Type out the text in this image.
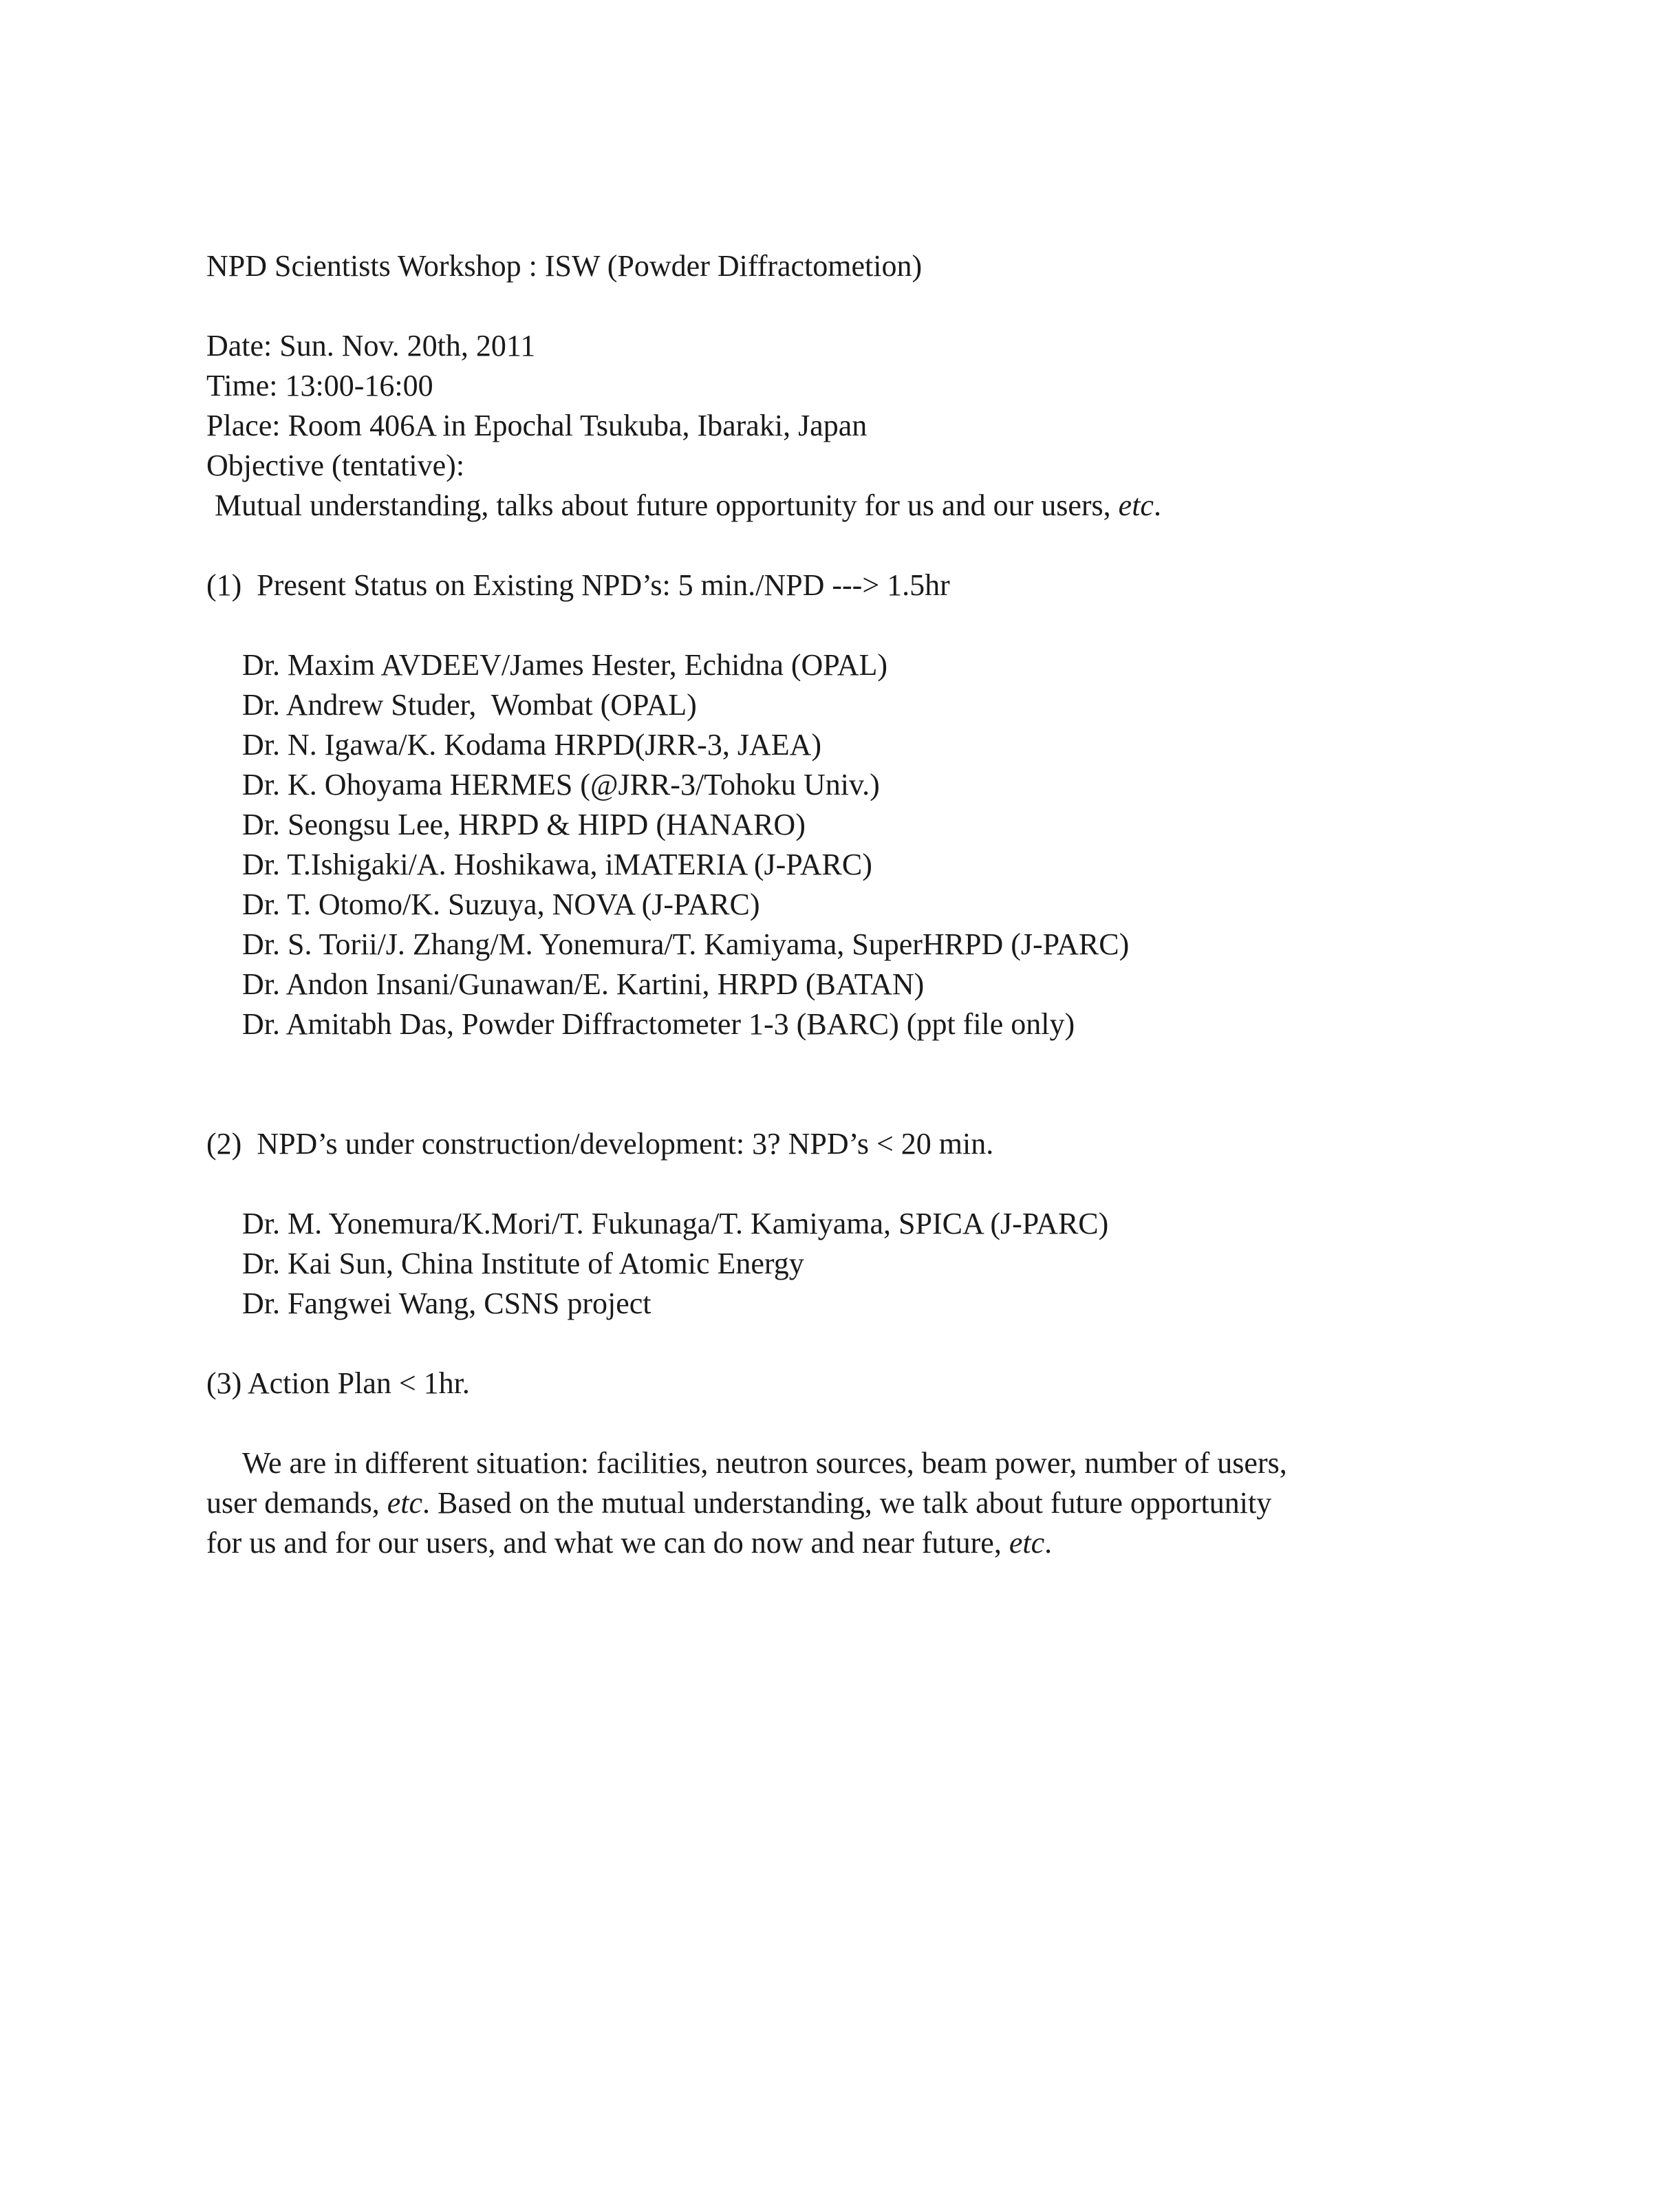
NPD Scientists Workshop : ISW (Powder Diffractometion)
Date: Sun. Nov. 20th, 2011
Time: 13:00-16:00
Place: Room 406A in Epochal Tsukuba, Ibaraki, Japan
Objective (tentative):
Mutual understanding, talks about future opportunity for us and our users, etc.
(1)  Present Status on Existing NPD’s: 5 min./NPD ---> 1.5hr
Dr. Maxim AVDEEV/James Hester, Echidna (OPAL)
Dr. Andrew Studer,  Wombat (OPAL)
Dr. N. Igawa/K. Kodama HRPD(JRR-3, JAEA)
Dr. K. Ohoyama HERMES (@JRR-3/Tohoku Univ.)
Dr. Seongsu Lee, HRPD & HIPD (HANARO)
Dr. T.Ishigaki/A. Hoshikawa, iMATERIA (J-PARC)
Dr. T. Otomo/K. Suzuya, NOVA (J-PARC)
Dr. S. Torii/J. Zhang/M. Yonemura/T. Kamiyama, SuperHRPD (J-PARC)
Dr. Andon Insani/Gunawan/E. Kartini, HRPD (BATAN)
Dr. Amitabh Das, Powder Diffractometer 1-3 (BARC) (ppt file only)
(2)  NPD’s under construction/development: 3? NPD’s < 20 min.
Dr. M. Yonemura/K.Mori/T. Fukunaga/T. Kamiyama, SPICA (J-PARC)
Dr. Kai Sun, China Institute of Atomic Energy
Dr. Fangwei Wang, CSNS project
(3) Action Plan < 1hr.
We are in different situation: facilities, neutron sources, beam power, number of users,
user demands, etc. Based on the mutual understanding, we talk about future opportunity
for us and for our users, and what we can do now and near future, etc.
